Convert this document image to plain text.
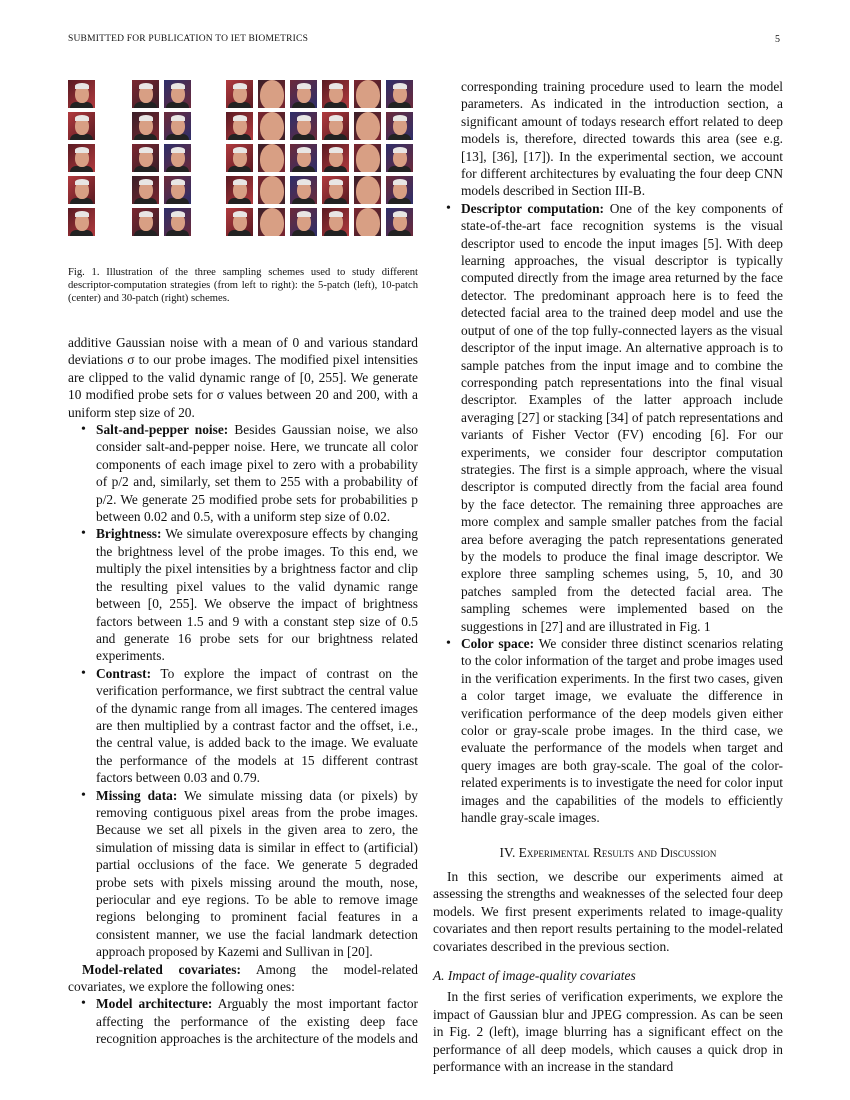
SUBMITTED FOR PUBLICATION TO IET BIOMETRICS	5
Fig. 1. Illustration of the three sampling schemes used to study different descriptor-computation strategies (from left to right): the 5-patch (left), 10-patch (center) and 30-patch (right) schemes.

additive Gaussian noise with a mean of 0 and various standard deviations σ to our probe images. The modified pixel intensities are clipped to the valid dynamic range of [0, 255]. We generate 10 modified probe sets for σ values between 20 and 200, with a uniform step size of 20.

• Salt-and-pepper noise: Besides Gaussian noise, we also consider salt-and-pepper noise. Here, we truncate all color components of each image pixel to zero with a probability of p/2 and, similarly, set them to 255 with a probability of p/2. We generate 25 modified probe sets for probabilities p between 0.02 and 0.5, with a uniform step size of 0.02.
• Brightness: We simulate overexposure effects by changing the brightness level of the probe images. To this end, we multiply the pixel intensities by a brightness factor and clip the resulting pixel values to the valid dynamic range between [0, 255]. We observe the impact of brightness factors between 1.5 and 9 with a constant step size of 0.5 and generate 16 probe sets for our brightness related experiments.
• Contrast: To explore the impact of contrast on the verification performance, we first subtract the central value of the dynamic range from all images. The centered images are then multiplied by a contrast factor and the offset, i.e., the central value, is added back to the image. We evaluate the performance of the models at 15 different contrast factors between 0.03 and 0.79.
• Missing data: We simulate missing data (or pixels) by removing contiguous pixel areas from the probe images. Because we set all pixels in the given area to zero, the simulation of missing data is similar in effect to (artificial) partial occlusions of the face. We generate 5 degraded probe sets with pixels missing around the mouth, nose, periocular and eye regions. To be able to remove image regions belonging to prominent facial features in a consistent manner, we use the facial landmark detection approach proposed by Kazemi and Sullivan in [20].

Model-related covariates: Among the model-related covariates, we explore the following ones:

• Model architecture: Arguably the most important factor affecting the performance of the existing deep face recognition approaches is the architecture of the models and

corresponding training procedure used to learn the model parameters. As indicated in the introduction section, a significant amount of todays research effort related to deep models is, therefore, directed towards this area (see e.g. [13], [36], [17]). In the experimental section, we account for different architectures by evaluating the four deep CNN models described in Section III-B.

• Descriptor computation: One of the key components of state-of-the-art face recognition systems is the visual descriptor used to encode the input images [5]. With deep learning approaches, the visual descriptor is typically computed directly from the image area returned by the face detector. The predominant approach here is to feed the detected facial area to the trained deep model and use the output of one of the top fully-connected layers as the visual descriptor of the input image. An alternative approach is to sample patches from the input image and to combine the corresponding patch representations into the final visual descriptor. Examples of the latter approach include averaging [27] or stacking [34] of patch representations and variants of Fisher Vector (FV) encoding [6]. For our experiments, we consider four descriptor computation strategies. The first is a simple approach, where the visual descriptor is computed directly from the facial area found by the face detector. The remaining three approaches are more complex and sample smaller patches from the facial area before averaging the patch representations generated by the models to produce the final image descriptor. We explore three sampling schemes using, 5, 10, and 30 patches sampled from the detected facial area. The sampling schemes were implemented based on the suggestions in [27] and are illustrated in Fig. 1
• Color space: We consider three distinct scenarios relating to the color information of the target and probe images used in the verification experiments. In the first two cases, given a color target image, we evaluate the difference in verification performance of the deep models given either color or gray-scale probe images. In the third case, we evaluate the performance of the models when target and query images are both gray-scale. The goal of the color-related experiments is to investigate the need for color input images and the capabilities of the models to efficiently handle gray-scale images.
IV. Experimental Results and Discussion

In this section, we describe our experiments aimed at assessing the strengths and weaknesses of the selected four deep models. We first present experiments related to image-quality covariates and then report results pertaining to the model-related covariates described in the previous section.

A. Impact of image-quality covariates

In the first series of verification experiments, we explore the impact of Gaussian blur and JPEG compression. As can be seen in Fig. 2 (left), image blurring has a significant effect on the performance of all deep models, which causes a quick drop in performance with an increase in the standard
